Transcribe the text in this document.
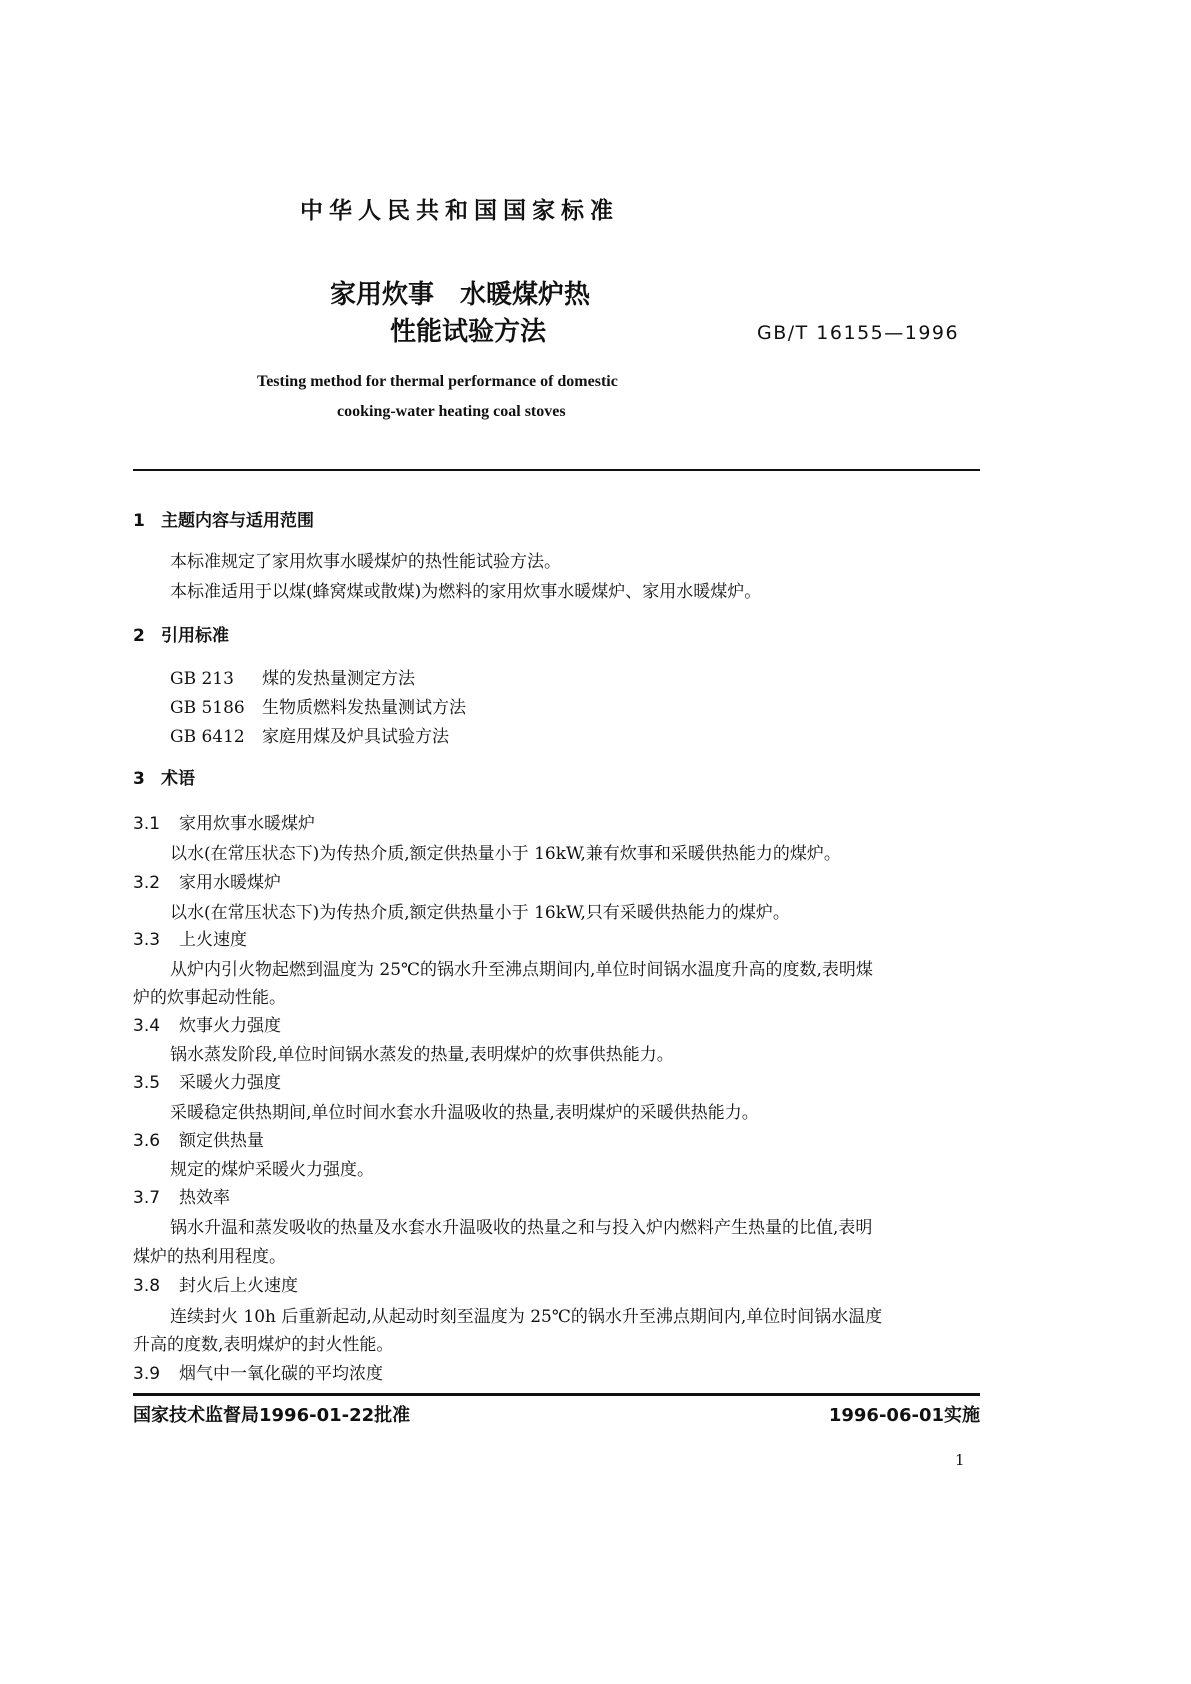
中华人民共和国国家标准
家用炊事　水暖煤炉热
性能试验方法	GB/T 16155—1996
Testing method for thermal performance of domestic
cooking-water heating coal stoves
1 主题内容与适用范围
本标准规定了家用炊事水暖煤炉的热性能试验方法。
本标准适用于以煤(蜂窝煤或散煤)为燃料的家用炊事水暖煤炉、家用水暖煤炉。
2 引用标准
GB 213 煤的发热量测定方法
GB 5186 生物质燃料发热量测试方法
GB 6412 家庭用煤及炉具试验方法
3 术语
3.1 家用炊事水暖煤炉
以水(在常压状态下)为传热介质,额定供热量小于 16kW,兼有炊事和采暖供热能力的煤炉。
3.2 家用水暖煤炉
以水(在常压状态下)为传热介质,额定供热量小于 16kW,只有采暖供热能力的煤炉。
3.3 上火速度
从炉内引火物起燃到温度为 25℃的锅水升至沸点期间内,单位时间锅水温度升高的度数,表明煤
炉的炊事起动性能。
3.4 炊事火力强度
锅水蒸发阶段,单位时间锅水蒸发的热量,表明煤炉的炊事供热能力。
3.5 采暖火力强度
采暖稳定供热期间,单位时间水套水升温吸收的热量,表明煤炉的采暖供热能力。
3.6 额定供热量
规定的煤炉采暖火力强度。
3.7 热效率
锅水升温和蒸发吸收的热量及水套水升温吸收的热量之和与投入炉内燃料产生热量的比值,表明
煤炉的热利用程度。
3.8 封火后上火速度
连续封火 10h 后重新起动,从起动时刻至温度为 25℃的锅水升至沸点期间内,单位时间锅水温度
升高的度数,表明煤炉的封火性能。
3.9 烟气中一氧化碳的平均浓度
国家技术监督局1996-01-22批准	1996-06-01实施
1
